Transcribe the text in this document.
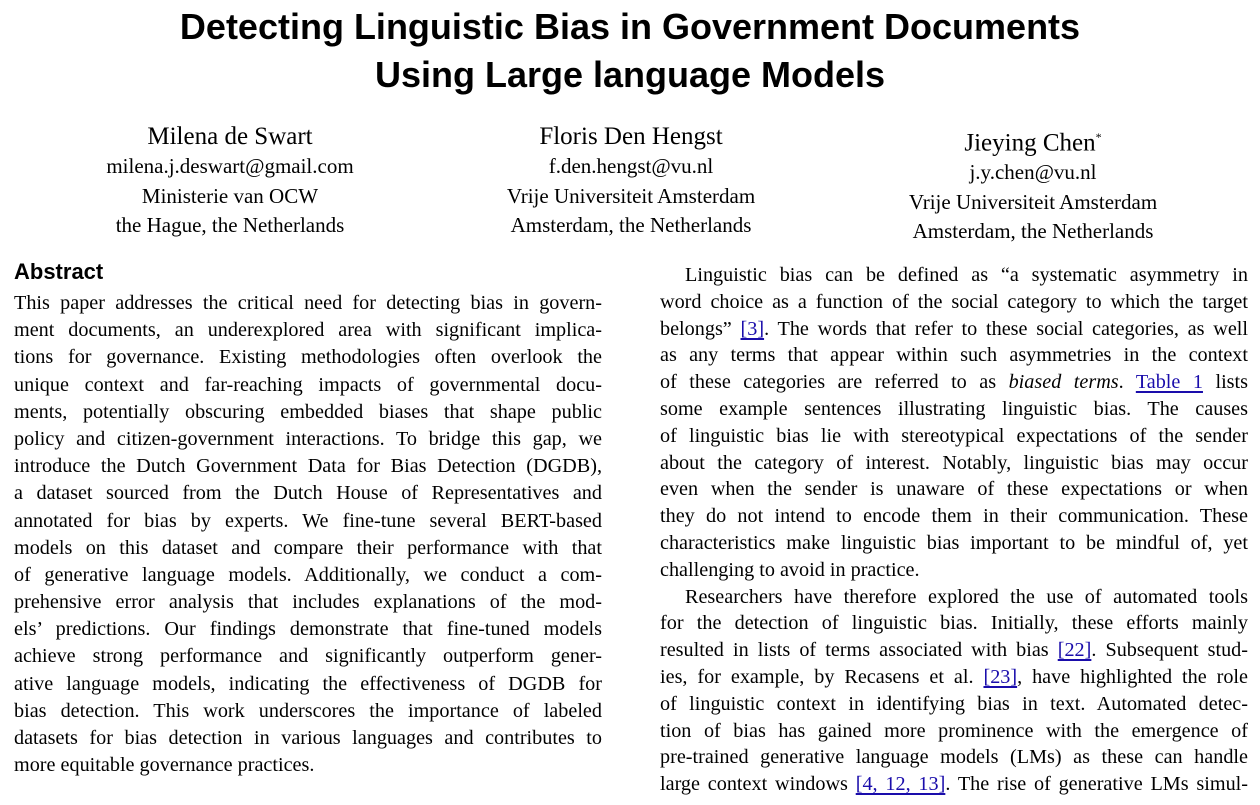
Detecting Linguistic Bias in Government Documents
Using Large language Models
Milena de Swart
milena.j.deswart@gmail.com
Ministerie van OCW
the Hague, the Netherlands
Floris Den Hengst
f.den.hengst@vu.nl
Vrije Universiteit Amsterdam
Amsterdam, the Netherlands
Jieying Chen*
j.y.chen@vu.nl
Vrije Universiteit Amsterdam
Amsterdam, the Netherlands
Abstract
This paper addresses the critical need for detecting bias in govern-
ment documents, an underexplored area with significant implica-
tions for governance. Existing methodologies often overlook the
unique context and far-reaching impacts of governmental docu-
ments, potentially obscuring embedded biases that shape public
policy and citizen-government interactions. To bridge this gap, we
introduce the Dutch Government Data for Bias Detection (DGDB),
a dataset sourced from the Dutch House of Representatives and
annotated for bias by experts. We fine-tune several BERT-based
models on this dataset and compare their performance with that
of generative language models. Additionally, we conduct a com-
prehensive error analysis that includes explanations of the mod-
els’ predictions. Our findings demonstrate that fine-tuned models
achieve strong performance and significantly outperform gener-
ative language models, indicating the effectiveness of DGDB for
bias detection. This work underscores the importance of labeled
datasets for bias detection in various languages and contributes to
more equitable governance practices.
Linguistic bias can be defined as “a systematic asymmetry in
word choice as a function of the social category to which the target
belongs” [3]. The words that refer to these social categories, as well
as any terms that appear within such asymmetries in the context
of these categories are referred to as biased terms. Table 1 lists
some example sentences illustrating linguistic bias. The causes
of linguistic bias lie with stereotypical expectations of the sender
about the category of interest. Notably, linguistic bias may occur
even when the sender is unaware of these expectations or when
they do not intend to encode them in their communication. These
characteristics make linguistic bias important to be mindful of, yet
challenging to avoid in practice.
Researchers have therefore explored the use of automated tools
for the detection of linguistic bias. Initially, these efforts mainly
resulted in lists of terms associated with bias [22]. Subsequent stud-
ies, for example, by Recasens et al. [23], have highlighted the role
of linguistic context in identifying bias in text. Automated detec-
tion of bias has gained more prominence with the emergence of
pre-trained generative language models (LMs) as these can handle
large context windows [4, 12, 13]. The rise of generative LMs simul-
